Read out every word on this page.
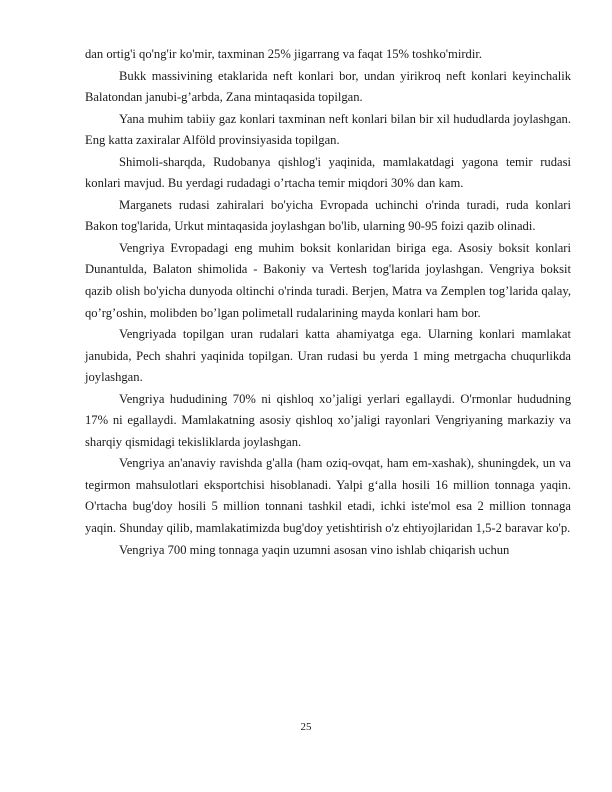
dan ortig'i qo'ng'ir ko'mir, taxminan 25% jigarrang va faqat 15% toshko'mirdir.

Bukk massivining etaklarida neft konlari bor, undan yirikroq neft konlari keyinchalik Balatondan janubi-g’arbda, Zana mintaqasida topilgan.

Yana muhim tabiiy gaz konlari taxminan neft konlari bilan bir xil hududlarda joylashgan. Eng katta zaxiralar Alföld provinsiyasida topilgan.

Shimoli-sharqda, Rudobanya qishlog'i yaqinida, mamlakatdagi yagona temir rudasi konlari mavjud. Bu yerdagi rudadagi o’rtacha temir miqdori 30% dan kam.

Marganets rudasi zahiralari bo'yicha Evropada uchinchi o'rinda turadi, ruda konlari Bakon tog'larida, Urkut mintaqasida joylashgan bo'lib, ularning 90-95 foizi qazib olinadi.

Vengriya Evropadagi eng muhim boksit konlaridan biriga ega. Asosiy boksit konlari Dunantulda, Balaton shimolida - Bakoniy va Vertesh tog'larida joylashgan. Vengriya boksit qazib olish bo'yicha dunyoda oltinchi o'rinda turadi. Berjen, Matra va Zemplen tog’larida qalay, qo’rg’oshin, molibden bo’lgan polimetall rudalarining mayda konlari ham bor.

Vengriyada topilgan uran rudalari katta ahamiyatga ega. Ularning konlari mamlakat janubida, Pech shahri yaqinida topilgan. Uran rudasi bu yerda 1 ming metrgacha chuqurlikda joylashgan.

Vengriya hududining 70% ni qishloq xo’jaligi yerlari egallaydi. O'rmonlar hududning 17% ni egallaydi. Mamlakatning asosiy qishloq xo’jaligi rayonlari Vengriyaning markaziy va sharqiy qismidagi tekisliklarda joylashgan.

Vengriya an'anaviy ravishda g'alla (ham oziq-ovqat, ham em-xashak), shuningdek, un va tegirmon mahsulotlari eksportchisi hisoblanadi. Yalpi g‘alla hosili 16 million tonnaga yaqin. O'rtacha bug'doy hosili 5 million tonnani tashkil etadi, ichki iste'mol esa 2 million tonnaga yaqin. Shunday qilib, mamlakatimizda bug'doy yetishtirish o'z ehtiyojlaridan 1,5-2 baravar ko'p.

Vengriya 700 ming tonnaga yaqin uzumni asosan vino ishlab chiqarish uchun

25
